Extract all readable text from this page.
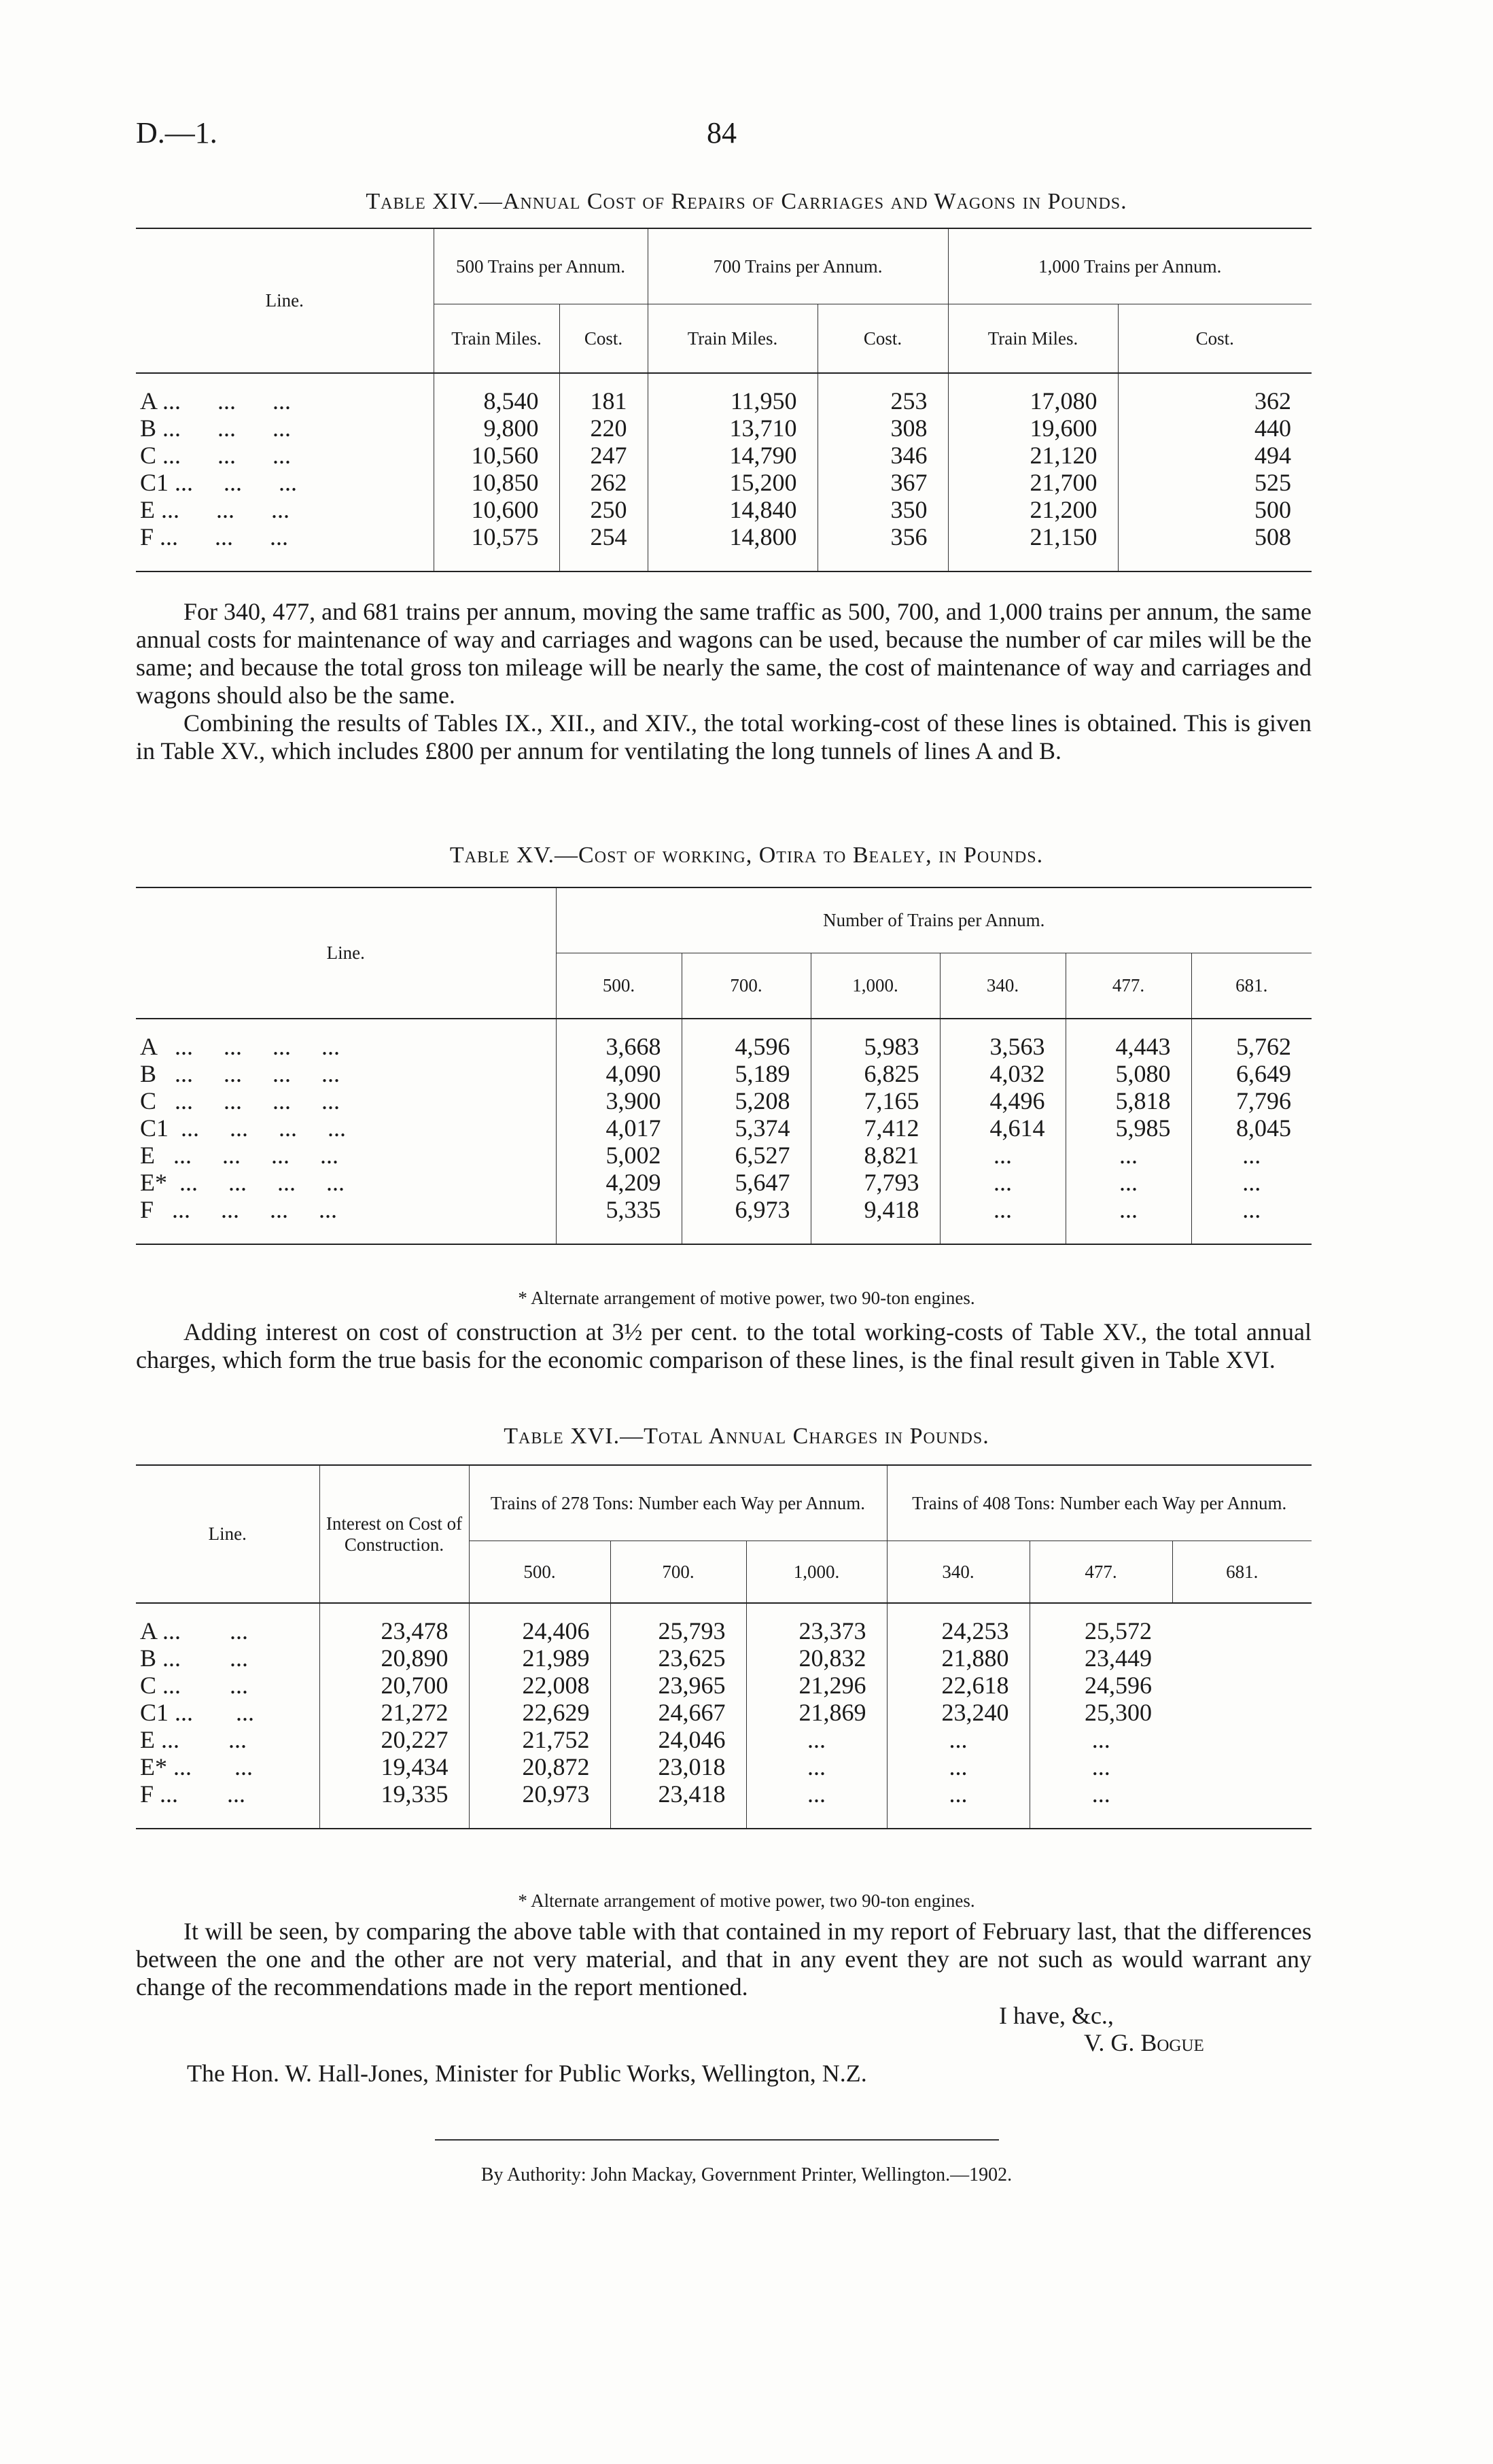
D.—1.	84
Table XIV.—Annual Cost of Repairs of Carriages and Wagons in Pounds.
Line.	500 Trains per Annum.		700 Trains per Annum.		1,000 Trains per Annum.	
	Train Miles.	Cost.	Train Miles.	Cost.	Train Miles.	Cost.
A ...      ...      ...	8,540	181	11,950	253	17,080	362
B ...      ...      ...	9,800	220	13,710	308	19,600	440
C ...      ...      ...	10,560	247	14,790	346	21,120	494
C1 ...     ...      ...	10,850	262	15,200	367	21,700	525
E ...      ...      ...	10,600	250	14,840	350	21,200	500
F ...      ...      ...	10,575	254	14,800	356	21,150	508

For 340, 477, and 681 trains per annum, moving the same traffic as 500, 700, and 1,000 trains per annum, the same annual costs for maintenance of way and carriages and wagons can be used, because the number of car miles will be the same; and because the total gross ton mileage will be nearly the same, the cost of maintenance of way and carriages and wagons should also be the same.

Combining the results of Tables IX., XII., and XIV., the total working-cost of these lines is obtained. This is given in Table XV., which includes £800 per annum for ventilating the long tunnels of lines A and B.

Table XV.—Cost of working, Otira to Bealey, in Pounds.
Line.	Number of Trains per Annum.					
	500.	700.	1,000.	340.	477.	681.
A   ...     ...     ...     ...	3,668	4,596	5,983	3,563	4,443	5,762
B   ...     ...     ...     ...	4,090	5,189	6,825	4,032	5,080	6,649
C   ...     ...     ...     ...	3,900	5,208	7,165	4,496	5,818	7,796
C1  ...     ...     ...     ...	4,017	5,374	7,412	4,614	5,985	8,045
E   ...     ...     ...     ...	5,002	6,527	8,821	...	...	...
E*  ...     ...     ...     ...	4,209	5,647	7,793	...	...	...
F   ...     ...     ...     ...	5,335	6,973	9,418	...	...	...

* Alternate arrangement of motive power, two 90-ton engines.

Adding interest on cost of construction at 3½ per cent. to the total working-costs of Table XV., the total annual charges, which form the true basis for the economic comparison of these lines, is the final result given in Table XVI.

Table XVI.—Total Annual Charges in Pounds.
Line.	Interest on Cost of Construction.	Trains of 278 Tons: Number each Way per Annum.			Trains of 408 Tons: Number each Way per Annum.		
		500.	700.	1,000.	340.	477.	681.
A ...        ...	23,478	24,406	25,793	23,373	24,253	25,572	
B ...        ...	20,890	21,989	23,625	20,832	21,880	23,449	
C ...        ...	20,700	22,008	23,965	21,296	22,618	24,596	
C1 ...       ...	21,272	22,629	24,667	21,869	23,240	25,300	
E ...        ...	20,227	21,752	24,046	...	...	...	
E* ...       ...	19,434	20,872	23,018	...	...	...	
F ...        ...	19,335	20,973	23,418	...	...	...	

* Alternate arrangement of motive power, two 90-ton engines.

It will be seen, by comparing the above table with that contained in my report of February last, that the differences between the one and the other are not very material, and that in any event they are not such as would warrant any change of the recommendations made in the report mentioned.

I have, &c.,
V. G. Bogue
The Hon. W. Hall-Jones, Minister for Public Works, Wellington, N.Z.
By Authority: John Mackay, Government Printer, Wellington.—1902.
